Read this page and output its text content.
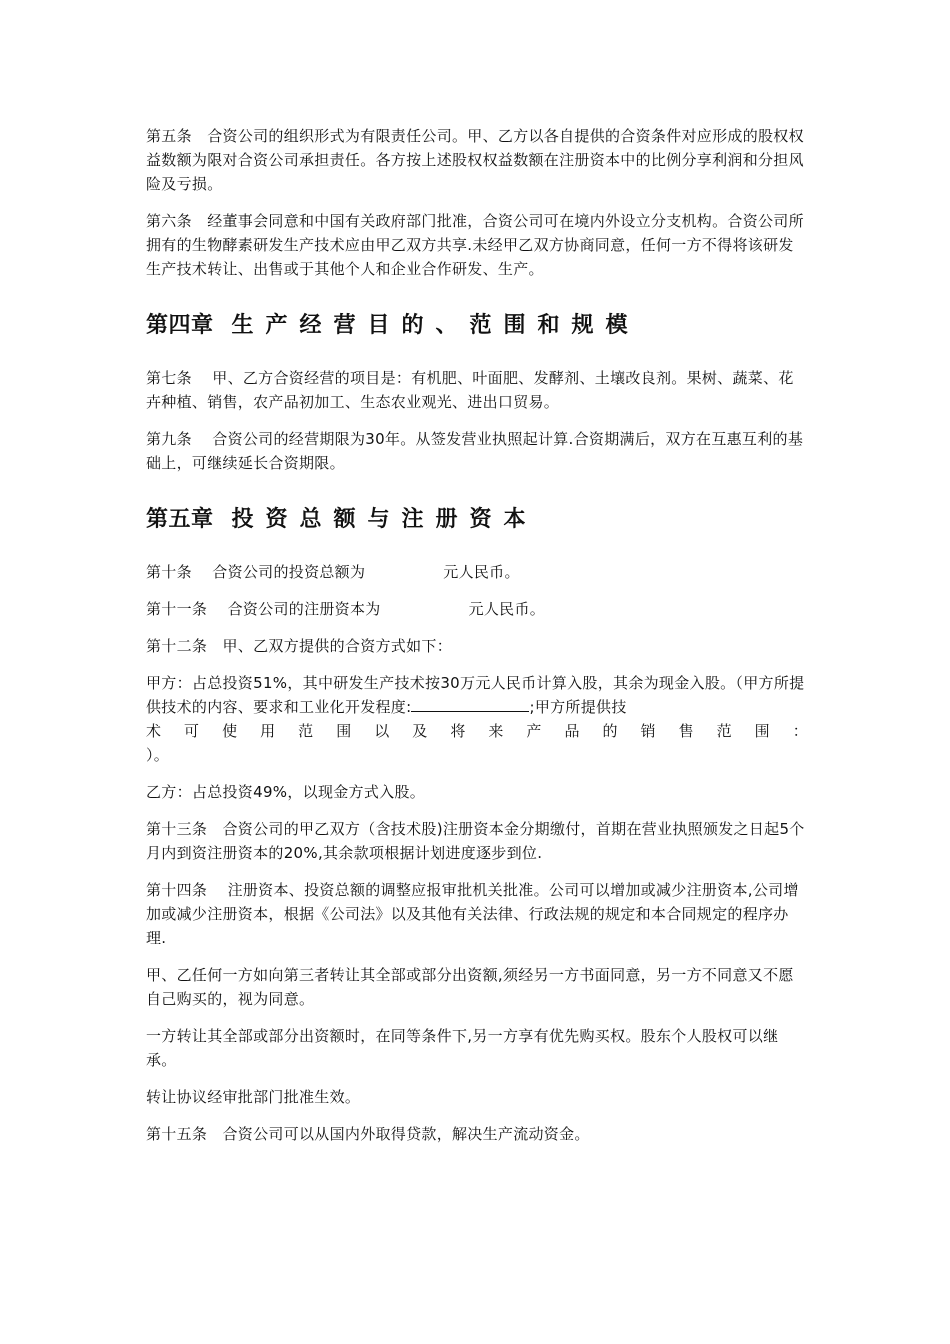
第五条　合资公司的组织形式为有限责任公司。甲、乙方以各自提供的合资条件对应形成的股权权益数额为限对合资公司承担责任。各方按上述股权权益数额在注册资本中的比例分享利润和分担风险及亏损。

第六条　经董事会同意和中国有关政府部门批准，合资公司可在境内外设立分支机构。合资公司所拥有的生物酵素研发生产技术应由甲乙双方共享.未经甲乙双方协商同意，任何一方不得将该研发生产技术转让、出售或于其他个人和企业合作研发、生产。

第四章 生产经营目的、范围和规模

第七条　 甲、乙方合资经营的项目是：有机肥、叶面肥、发酵剂、土壤改良剂。果树、蔬菜、花卉种植、销售，农产品初加工、生态农业观光、进出口贸易。

第九条　 合资公司的经营期限为30年。从签发营业执照起计算.合资期满后，双方在互惠互利的基础上，可继续延长合资期限。

第五章 投资总额与注册资本

第十条　 合资公司的投资总额为	元人民币。

第十一条　 合资公司的注册资本为	元人民币。

第十二条　甲、乙双方提供的合资方式如下：

甲方：占总投资51%，其中研发生产技术按30万元人民币计算入股，其余为现金入股。（甲方所提供技术的内容、要求和工业化开发程度:	;甲方所提供技
术可使用范围以及将来产品的销售范围：
）。

乙方：占总投资49%，以现金方式入股。

第十三条　合资公司的甲乙双方（含技术股)注册资本金分期缴付，首期在营业执照颁发之日起5个月内到资注册资本的20%,其余款项根据计划进度逐步到位.

第十四条　 注册资本、投资总额的调整应报审批机关批准。公司可以增加或减少注册资本,公司增加或减少注册资本，根据《公司法》以及其他有关法律、行政法规的规定和本合同规定的程序办理.

甲、乙任何一方如向第三者转让其全部或部分出资额,须经另一方书面同意，另一方不同意又不愿自己购买的，视为同意。

一方转让其全部或部分出资额时，在同等条件下,另一方享有优先购买权。股东个人股权可以继承。

转让协议经审批部门批准生效。

第十五条　合资公司可以从国内外取得贷款，解决生产流动资金。
